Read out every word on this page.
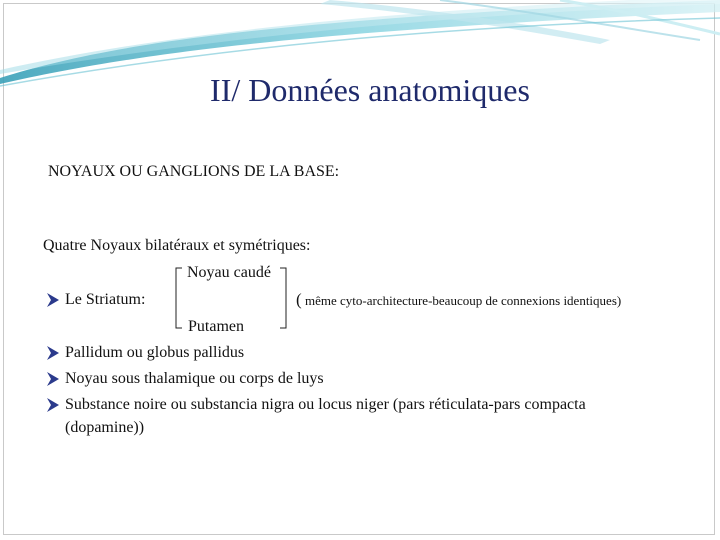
II/ Données anatomiques
NOYAUX OU GANGLIONS DE LA BASE:
Quatre Noyaux bilatéraux et symétriques:
Le Striatum:
Noyau caudé
Putamen
( même cyto-architecture-beaucoup de connexions identiques)
Pallidum ou globus pallidus
Noyau sous thalamique ou corps de luys
Substance noire ou substancia nigra ou locus niger (pars réticulata-pars compacta
(dopamine))
